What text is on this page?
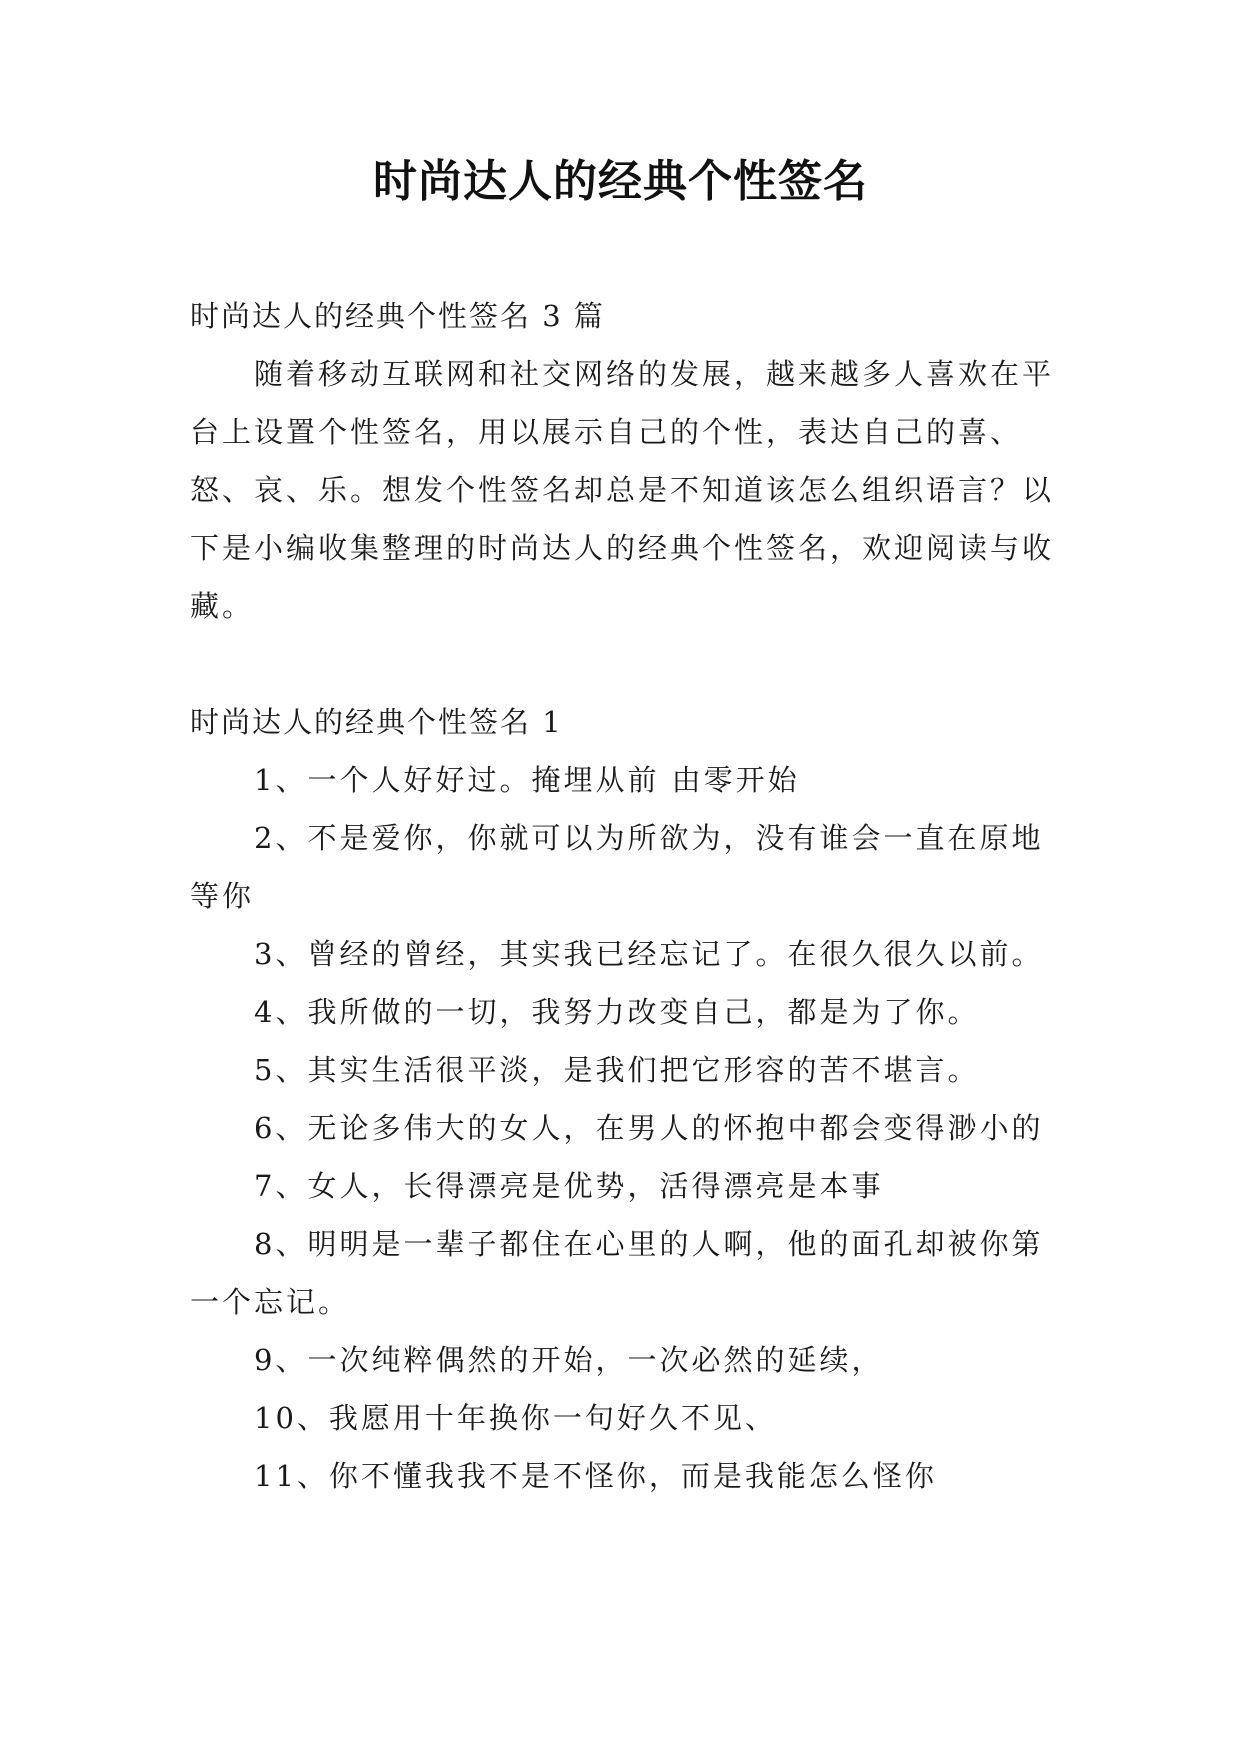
时尚达人的经典个性签名

时尚达人的经典个性签名 3 篇

随着移动互联网和社交网络的发展，越来越多人喜欢在平台上设置个性签名，用以展示自己的个性，表达自己的喜、怒、哀、乐。想发个性签名却总是不知道该怎么组织语言？以下是小编收集整理的时尚达人的经典个性签名，欢迎阅读与收藏。

时尚达人的经典个性签名 1

1、一个人好好过。掩埋从前 由零开始

2、不是爱你，你就可以为所欲为，没有谁会一直在原地等你

3、曾经的曾经，其实我已经忘记了。在很久很久以前。

4、我所做的一切，我努力改变自己，都是为了你。

5、其实生活很平淡，是我们把它形容的苦不堪言。

6、无论多伟大的女人，在男人的怀抱中都会变得渺小的

7、女人，长得漂亮是优势，活得漂亮是本事

8、明明是一辈子都住在心里的人啊，他的面孔却被你第一个忘记。

9、一次纯粹偶然的开始，一次必然的延续，

10、我愿用十年换你一句好久不见、

11、你不懂我我不是不怪你，而是我能怎么怪你
